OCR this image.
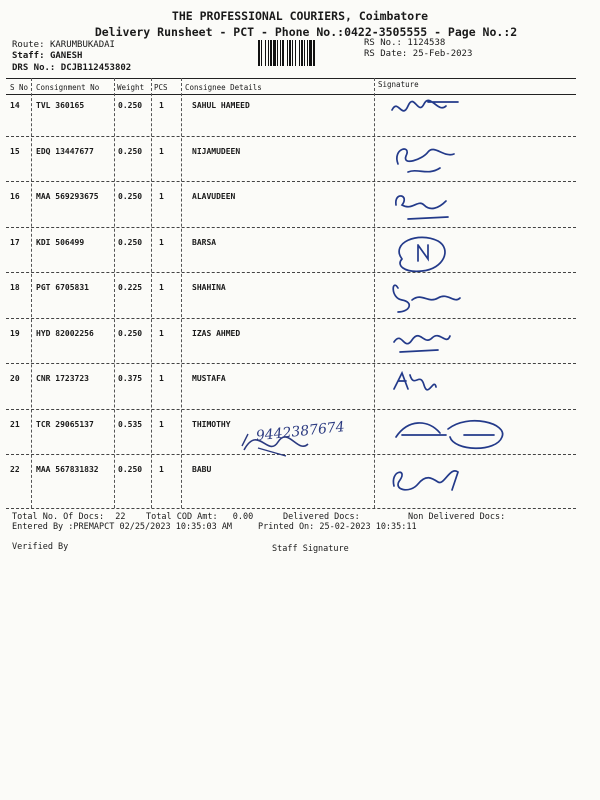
THE PROFESSIONAL COURIERS, Coimbatore
Delivery Runsheet - PCT - Phone No.:0422-3505555 - Page No.:2
Route: KARUMBUKADAI
Staff: GANESH
DRS No.: DCJB112453802
RS No.: 1124538
RS Date: 25-Feb-2023
S No Consignment No Weight PCS Consignee Details	Signature
14 TVL 360165	0.250 1	SAHUL HAMEED
15 EDQ 13447677	0.250 1	NIJAMUDEEN
16 MAA 569293675 0.250 1	ALAVUDEEN
17 KDI 506499	0.250 1	BARSA
18 PGT 6705831	0.225 1	SHAHINA
19 HYD 82002256	0.250 1	IZAS AHMED
20 CNR 1723723	0.375 1	MUSTAFA
21 TCR 29065137	0.535 1	THIMOTHY
22 MAA 567831832 0.250 1	BABU
9442387674
Total No. Of Docs: 22 Total COD Amt: 0.00	Delivered Docs:	Non Delivered Docs:
Entered By :PREMAPCT 02/25/2023 10:35:03 AM	Printed On: 25-02-2023 10:35:11
Verified By	Staff Signature
